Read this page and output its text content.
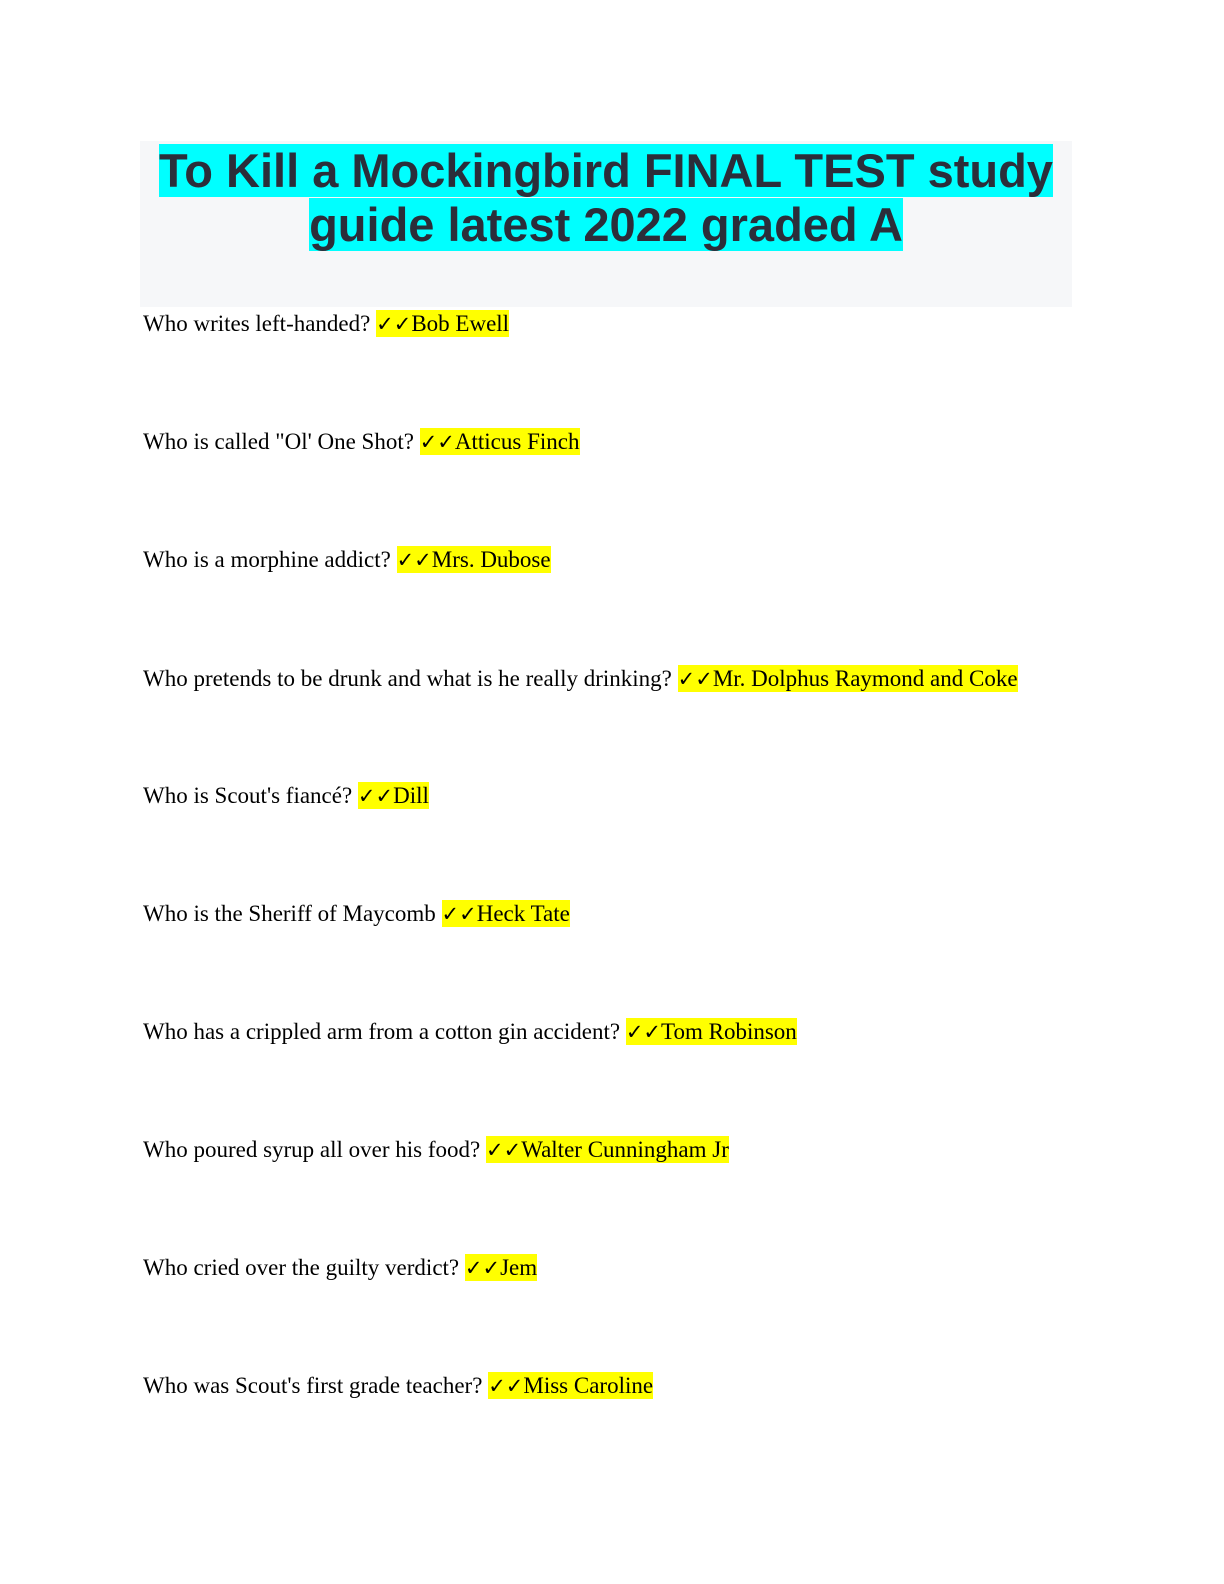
To Kill a Mockingbird FINAL TEST study
guide latest 2022 graded A
Who writes left-handed? ✓✓Bob Ewell
Who is called "Ol' One Shot? ✓✓Atticus Finch
Who is a morphine addict? ✓✓Mrs. Dubose
Who pretends to be drunk and what is he really drinking? ✓✓Mr. Dolphus Raymond and Coke
Who is Scout's fiancé? ✓✓Dill
Who is the Sheriff of Maycomb ✓✓Heck Tate
Who has a crippled arm from a cotton gin accident? ✓✓Tom Robinson
Who poured syrup all over his food? ✓✓Walter Cunningham Jr
Who cried over the guilty verdict? ✓✓Jem
Who was Scout's first grade teacher? ✓✓Miss Caroline
